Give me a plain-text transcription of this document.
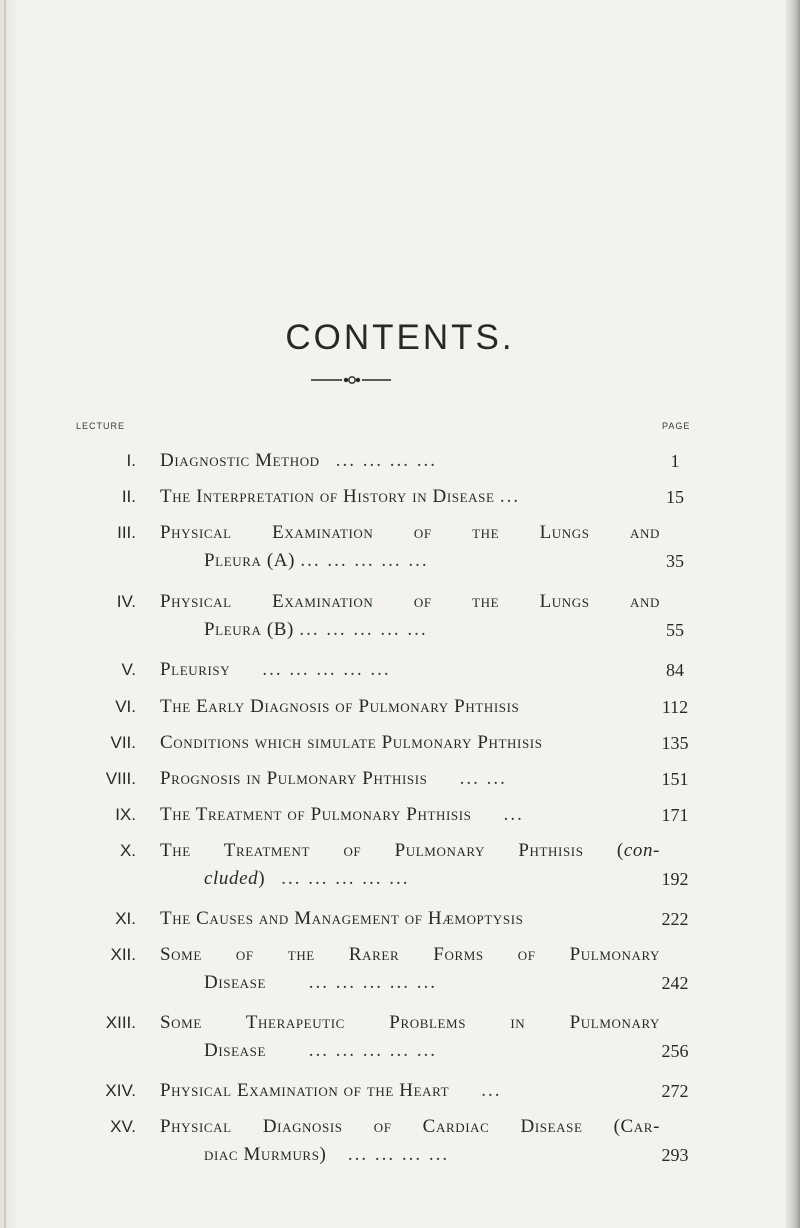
CONTENTS.
LECTURE	PAGE
I. Diagnostic Method ... ... ... ...	1
II. The Interpretation of History in Disease ...	15
III. Physical Examination of the Lungs and
Pleura (A) ... ... ... ... ...	35
IV. Physical Examination of the Lungs and
Pleura (B) ... ... ... ... ...	55
V. Pleurisy ... ... ... ... ...	84
VI. The Early Diagnosis of Pulmonary Phthisis	112
VII. Conditions which simulate Pulmonary Phthisis	135
VIII. Prognosis in Pulmonary Phthisis ... ...	151
IX. The Treatment of Pulmonary Phthisis ...	171
X. The Treatment of Pulmonary Phthisis (con-
cluded) ... ... ... ... ...	192
XI. The Causes and Management of Hæmoptysis	222
XII. Some of the Rarer Forms of Pulmonary
Disease ... ... ... ... ...	242
XIII. Some Therapeutic Problems in Pulmonary
Disease ... ... ... ... ...	256
XIV. Physical Examination of the Heart ...	272
XV. Physical Diagnosis of Cardiac Disease (Car-
diac Murmurs) ... ... ... ...	293
